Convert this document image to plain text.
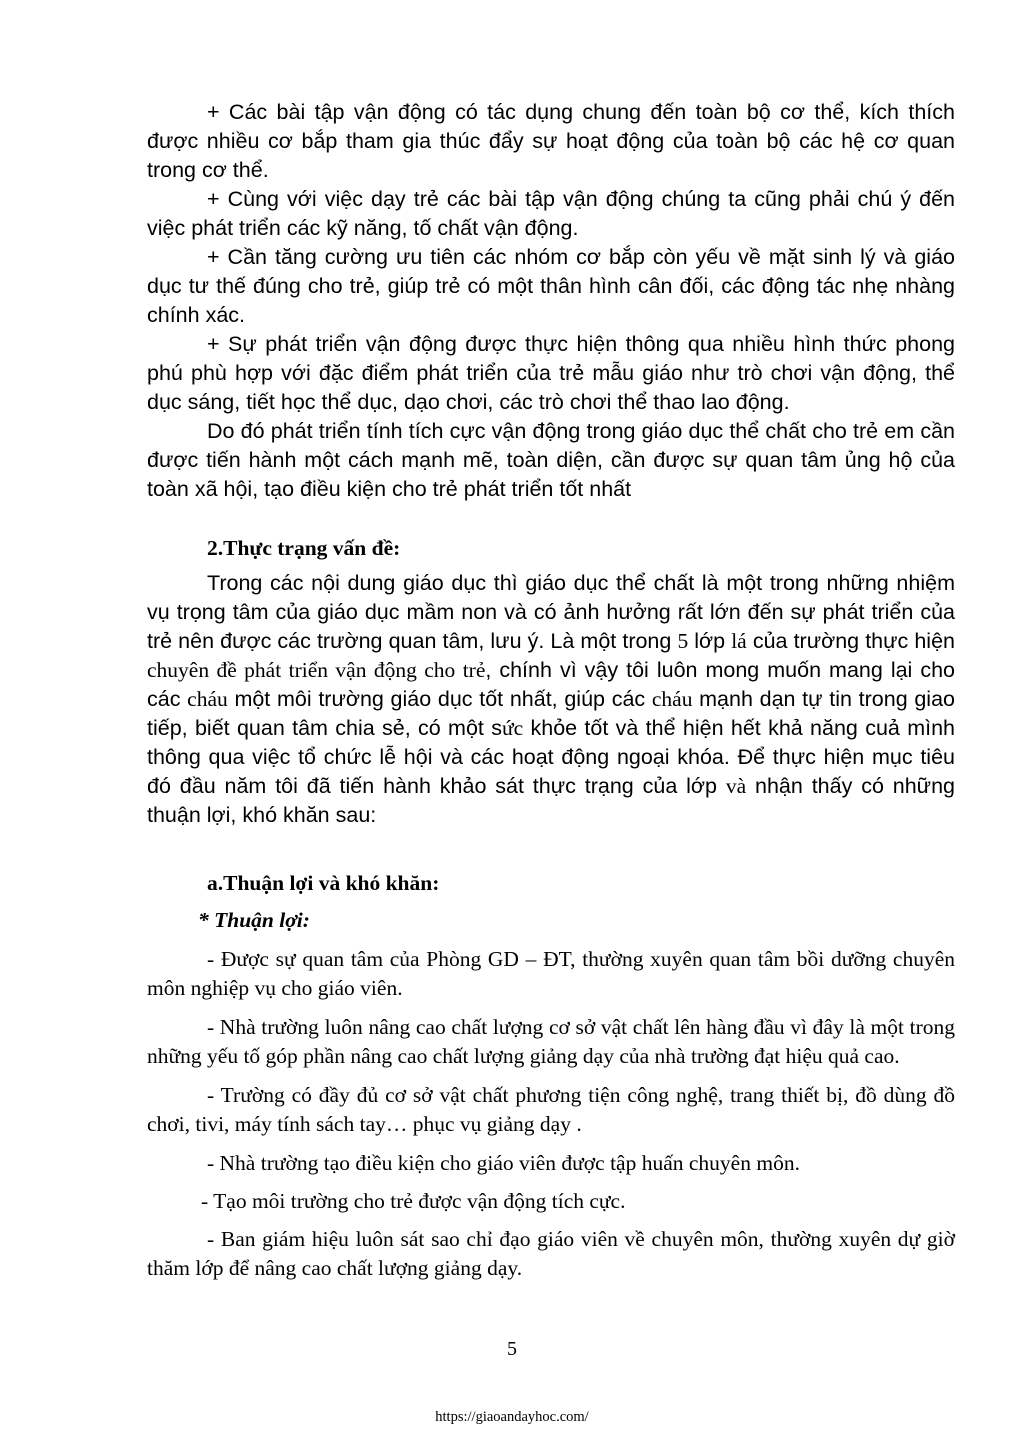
+ Các bài tập vận động có tác dụng chung đến toàn bộ cơ thể, kích thích được nhiều cơ bắp tham gia thúc đẩy sự hoạt động của toàn bộ các hệ cơ quan trong cơ thể.

+ Cùng với việc dạy trẻ các bài tập vận động chúng ta cũng phải chú ý đến việc phát triển các kỹ năng, tố chất vận động.

+ Cần tăng cường ưu tiên các nhóm cơ bắp còn yếu về mặt sinh lý và giáo dục tư thế đúng cho trẻ, giúp trẻ có một thân hình cân đối, các động tác nhẹ nhàng chính xác.

+ Sự phát triển vận động được thực hiện thông qua nhiều hình thức phong phú phù hợp với đặc điểm phát triển của trẻ mẫu giáo như trò chơi vận động, thể dục sáng, tiết học thể dục, dạo chơi, các trò chơi thể thao lao động.

Do đó phát triển tính tích cực vận động trong giáo dục thể chất cho trẻ em cần được tiến hành một cách mạnh mẽ, toàn diện, cần được sự quan tâm ủng hộ của toàn xã hội, tạo điều kiện cho trẻ phát triển tốt nhất

2.Thực trạng vấn đề:

Trong các nội dung giáo dục thì giáo dục thể chất là một trong những nhiệm vụ trọng tâm của giáo dục mầm non và có ảnh hưởng rất lớn đến sự phát triển của trẻ nên được các trường quan tâm, lưu ý. Là một trong 5 lớp lá của trường thực hiện chuyên đề phát triển vận động cho trẻ, chính vì vậy tôi luôn mong muốn mang lại cho các cháu một môi trường giáo dục tốt nhất, giúp các cháu mạnh dạn tự tin trong giao tiếp, biết quan tâm chia sẻ, có một sức khỏe tốt và thể hiện hết khả năng cuả mình thông qua việc tổ chức lễ hội và các hoạt động ngoại khóa. Để thực hiện mục tiêu đó đầu năm tôi đã tiến hành khảo sát thực trạng của lớp và nhận thấy có những thuận lợi, khó khăn sau:

a.Thuận lợi và khó khăn:
* Thuận lợi:

- Được sự quan tâm của Phòng GD – ĐT, thường xuyên quan tâm bồi dưỡng chuyên môn nghiệp vụ cho giáo viên.

- Nhà trường luôn nâng cao chất lượng cơ sở vật chất lên hàng đầu vì đây là một trong những yếu tố góp phần nâng cao chất lượng giảng dạy của nhà trường đạt hiệu quả cao.

- Trường có đầy đủ cơ sở vật chất phương tiện công nghệ, trang thiết bị, đồ dùng đồ chơi, tivi, máy tính sách tay… phục vụ giảng dạy .

- Nhà trường tạo điều kiện cho giáo viên được tập huấn chuyên môn.

- Tạo môi trường cho trẻ được vận động tích cực.

- Ban giám hiệu luôn sát sao chỉ đạo giáo viên về chuyên môn, thường xuyên dự giờ thăm lớp để nâng cao chất lượng giảng dạy.

5
https://giaoandayhoc.com/
